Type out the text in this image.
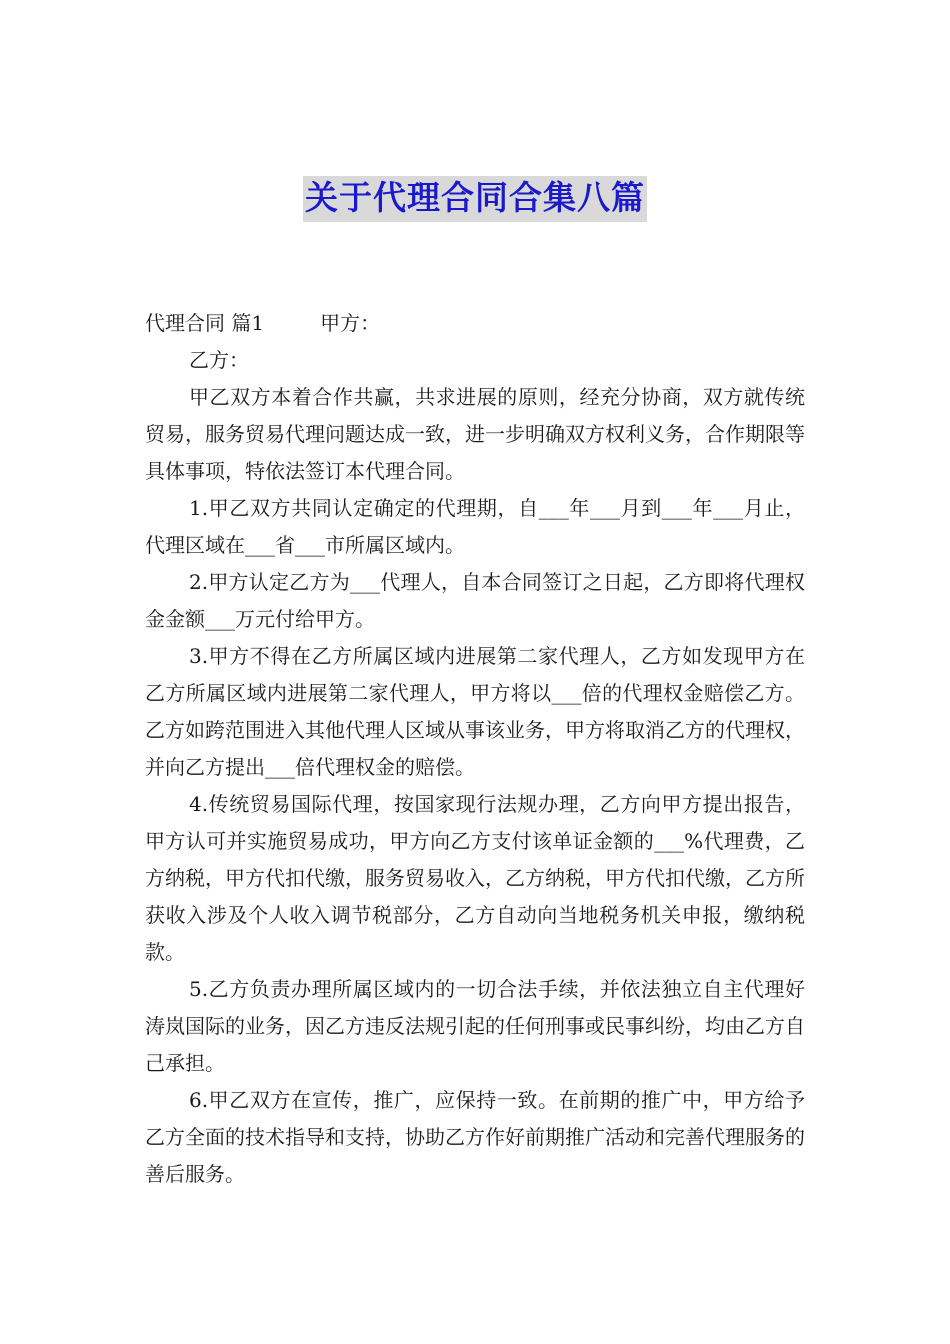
关于代理合同合集八篇

代理合同 篇1	甲方：

乙方：

甲乙双方本着合作共赢，共求进展的原则，经充分协商，双方就传统贸易，服务贸易代理问题达成一致，进一步明确双方权利义务，合作期限等具体事项，特依法签订本代理合同。

1.甲乙双方共同认定确定的代理期，自___年___月到___年___月止，代理区域在___省___市所属区域内。

2.甲方认定乙方为___代理人，自本合同签订之日起，乙方即将代理权金金额___万元付给甲方。

3.甲方不得在乙方所属区域内进展第二家代理人，乙方如发现甲方在乙方所属区域内进展第二家代理人，甲方将以___倍的代理权金赔偿乙方。乙方如跨范围进入其他代理人区域从事该业务，甲方将取消乙方的代理权，并向乙方提出___倍代理权金的赔偿。

4.传统贸易国际代理，按国家现行法规办理，乙方向甲方提出报告，甲方认可并实施贸易成功，甲方向乙方支付该单证金额的___%代理费，乙方纳税，甲方代扣代缴，服务贸易收入，乙方纳税，甲方代扣代缴，乙方所获收入涉及个人收入调节税部分，乙方自动向当地税务机关申报，缴纳税款。

5.乙方负责办理所属区域内的一切合法手续，并依法独立自主代理好涛岚国际的业务，因乙方违反法规引起的任何刑事或民事纠纷，均由乙方自己承担。

6.甲乙双方在宣传，推广，应保持一致。在前期的推广中，甲方给予乙方全面的技术指导和支持，协助乙方作好前期推广活动和完善代理服务的善后服务。
